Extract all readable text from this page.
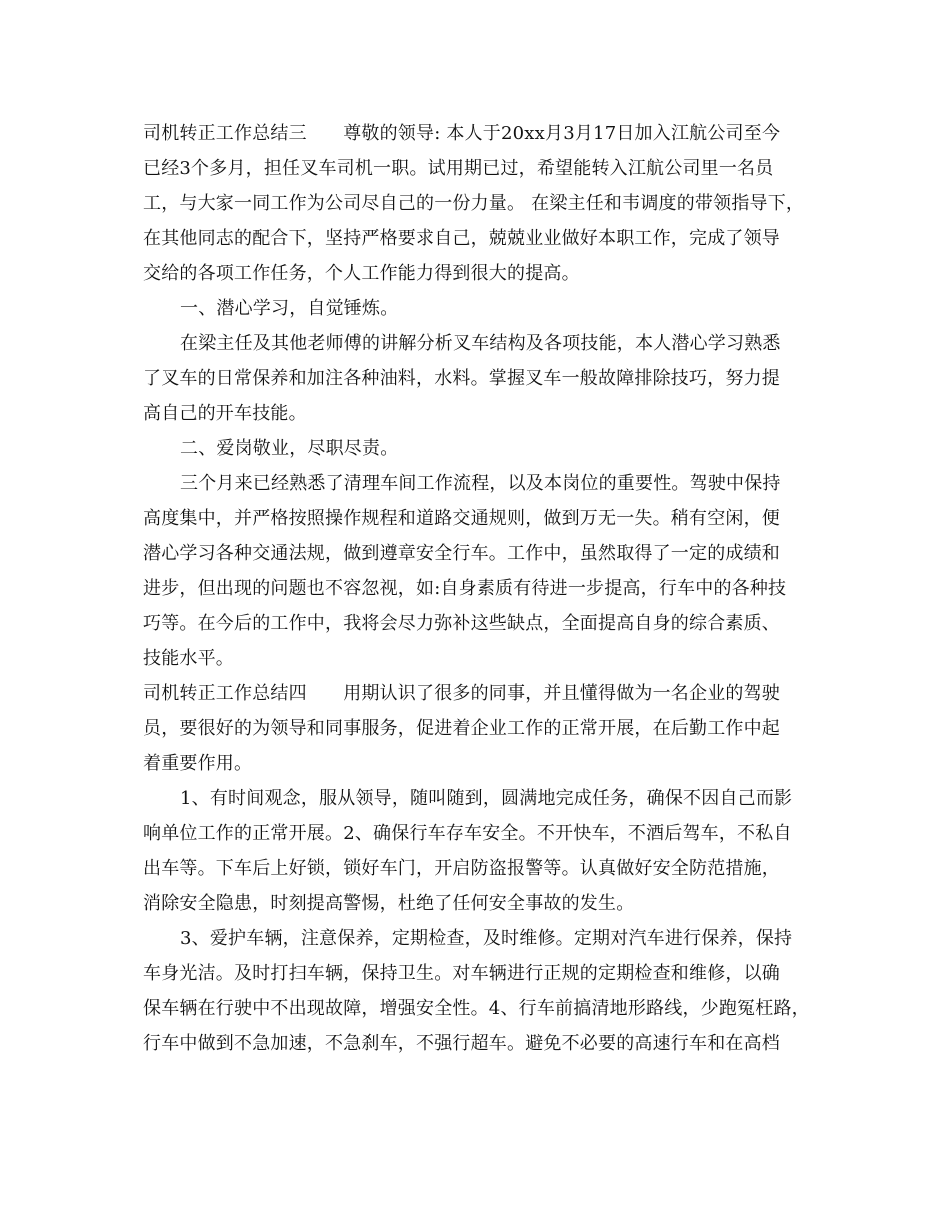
司机转正工作总结三　　尊敬的领导: 本人于20xx月3月17日加入江航公司至今
已经3个多月，担任叉车司机一职。试用期已过，希望能转入江航公司里一名员
工，与大家一同工作为公司尽自己的一份力量。 在梁主任和韦调度的带领指导下，
在其他同志的配合下，坚持严格要求自己，兢兢业业做好本职工作，完成了领导
交给的各项工作任务，个人工作能力得到很大的提高。
一、潜心学习，自觉锤炼。
在梁主任及其他老师傅的讲解分析叉车结构及各项技能，本人潜心学习熟悉
了叉车的日常保养和加注各种油料，水料。掌握叉车一般故障排除技巧，努力提
高自己的开车技能。
二、爱岗敬业，尽职尽责。
三个月来已经熟悉了清理车间工作流程，以及本岗位的重要性。驾驶中保持
高度集中，并严格按照操作规程和道路交通规则，做到万无一失。稍有空闲，便
潜心学习各种交通法规，做到遵章安全行车。工作中，虽然取得了一定的成绩和
进步，但出现的问题也不容忽视，如:自身素质有待进一步提高，行车中的各种技
巧等。在今后的工作中，我将会尽力弥补这些缺点，全面提高自身的综合素质、
技能水平。
司机转正工作总结四　　用期认识了很多的同事，并且懂得做为一名企业的驾驶
员，要很好的为领导和同事服务，促进着企业工作的正常开展，在后勤工作中起
着重要作用。
1、有时间观念，服从领导，随叫随到，圆满地完成任务，确保不因自己而影
响单位工作的正常开展。2、确保行车存车安全。不开快车，不酒后驾车，不私自
出车等。下车后上好锁，锁好车门，开启防盗报警等。认真做好安全防范措施，
消除安全隐患，时刻提高警惕，杜绝了任何安全事故的发生。
3、爱护车辆，注意保养，定期检查，及时维修。定期对汽车进行保养，保持
车身光洁。及时打扫车辆，保持卫生。对车辆进行正规的定期检查和维修，以确
保车辆在行驶中不出现故障，增强安全性。4、行车前搞清地形路线，少跑冤枉路，
行车中做到不急加速，不急刹车，不强行超车。避免不必要的高速行车和在高档
